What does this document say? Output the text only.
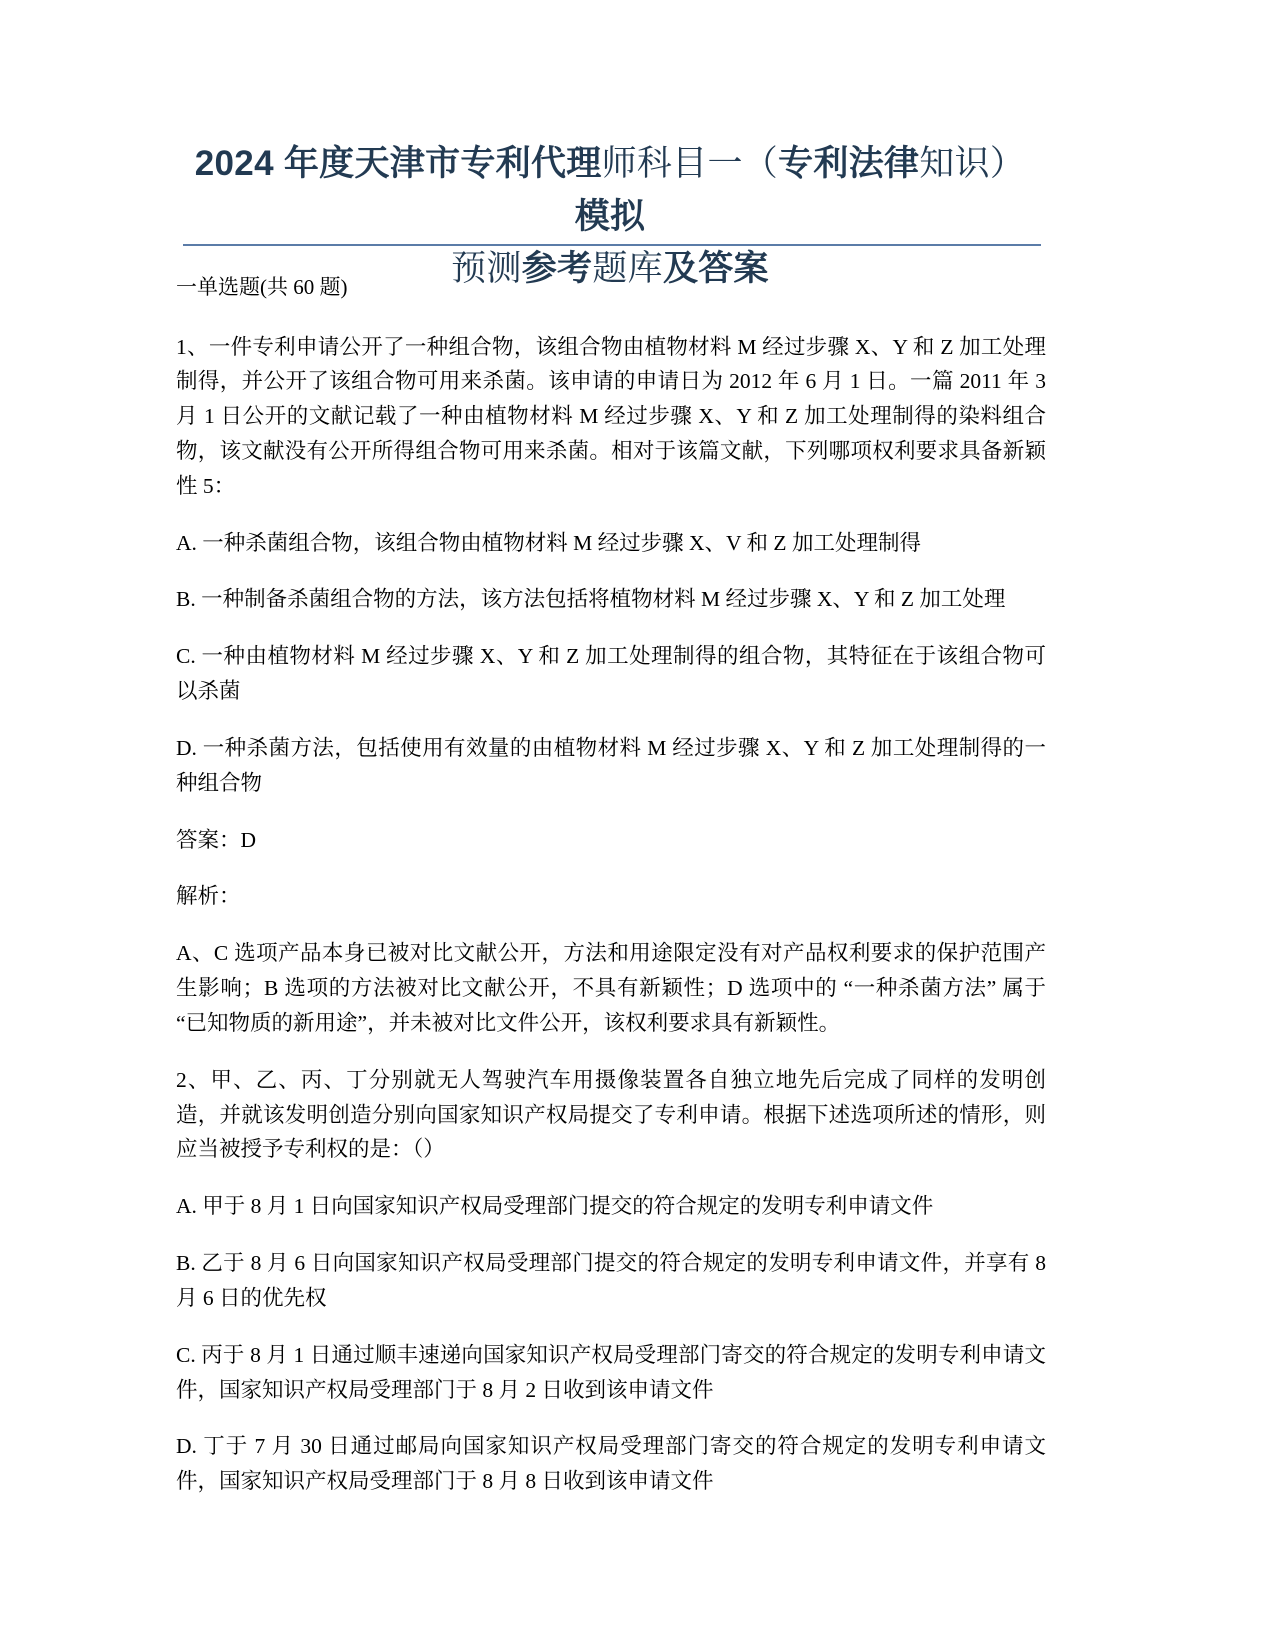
2024 年度天津市专利代理师科目一（专利法律知识）模拟
预测参考题库及答案

一单选题(共 60 题)

1、一件专利申请公开了一种组合物，该组合物由植物材料 M 经过步骤 X、Y 和 Z 加工处理制得，并公开了该组合物可用来杀菌。该申请的申请日为 2012 年 6 月 1 日。一篇 2011 年 3 月 1 日公开的文献记载了一种由植物材料 M 经过步骤 X、Y 和 Z 加工处理制得的染料组合物，该文献没有公开所得组合物可用来杀菌。相对于该篇文献，下列哪项权利要求具备新颖性 5：

A. 一种杀菌组合物，该组合物由植物材料 M 经过步骤 X、V 和 Z 加工处理制得

B. 一种制备杀菌组合物的方法，该方法包括将植物材料 M 经过步骤 X、Y 和 Z 加工处理

C. 一种由植物材料 M 经过步骤 X、Y 和 Z 加工处理制得的组合物，其特征在于该组合物可以杀菌

D. 一种杀菌方法，包括使用有效量的由植物材料 M 经过步骤 X、Y 和 Z 加工处理制得的一种组合物

答案：D

解析：

A、C 选项产品本身已被对比文献公开，方法和用途限定没有对产品权利要求的保护范围产生影响；B 选项的方法被对比文献公开，不具有新颖性；D 选项中的 “一种杀菌方法” 属于 “已知物质的新用途”，并未被对比文件公开，该权利要求具有新颖性。

2、甲、乙、丙、丁分别就无人驾驶汽车用摄像装置各自独立地先后完成了同样的发明创造，并就该发明创造分别向国家知识产权局提交了专利申请。根据下述选项所述的情形，则应当被授予专利权的是：（）

A. 甲于 8 月 1 日向国家知识产权局受理部门提交的符合规定的发明专利申请文件

B. 乙于 8 月 6 日向国家知识产权局受理部门提交的符合规定的发明专利申请文件，并享有 8 月 6 日的优先权

C. 丙于 8 月 1 日通过顺丰速递向国家知识产权局受理部门寄交的符合规定的发明专利申请文件，国家知识产权局受理部门于 8 月 2 日收到该申请文件

D. 丁于 7 月 30 日通过邮局向国家知识产权局受理部门寄交的符合规定的发明专利申请文件，国家知识产权局受理部门于 8 月 8 日收到该申请文件
